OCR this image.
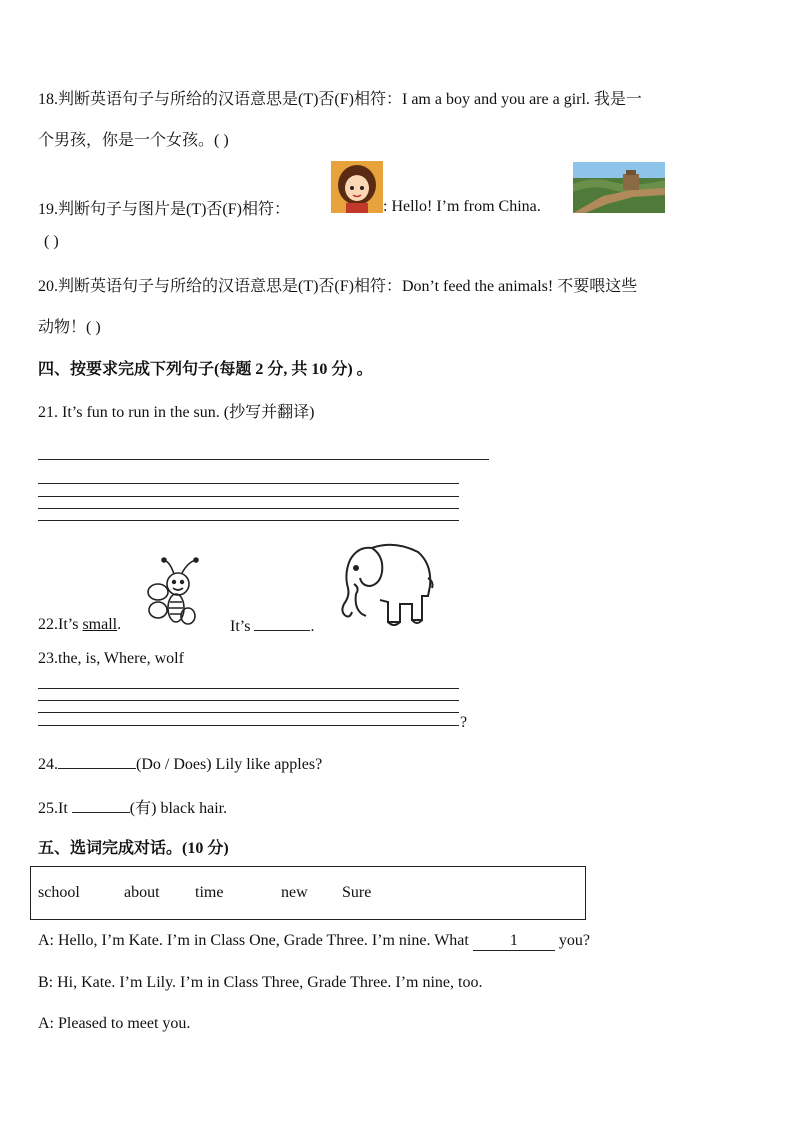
18.判断英语句子与所给的汉语意思是(T)否(F)相符：I am a boy and you are a girl. 我是一
个男孩，你是一个女孩。( )
19.判断句子与图片是(T)否(F)相符：	: Hello! I’m from China.
( )
20.判断英语句子与所给的汉语意思是(T)否(F)相符：Don’t feed the animals! 不要喂这些
动物！( )
四、按要求完成下列句子(每题 2 分, 共 10 分) 。
21. It’s fun to run in the sun. (抄写并翻译)
22.It’s small.	It’s	.
23.the, is, Where, wolf
?
24.	(Do / Does) Lily like apples?
25.It	(有) black hair.
五、选词完成对话。(10 分)
school	about time	new Sure
A: Hello, I’m Kate. I’m in Class One, Grade Three. I’m nine. What	1	you?
B: Hi, Kate. I’m Lily. I’m in Class Three, Grade Three. I’m nine, too.
A: Pleased to meet you.
